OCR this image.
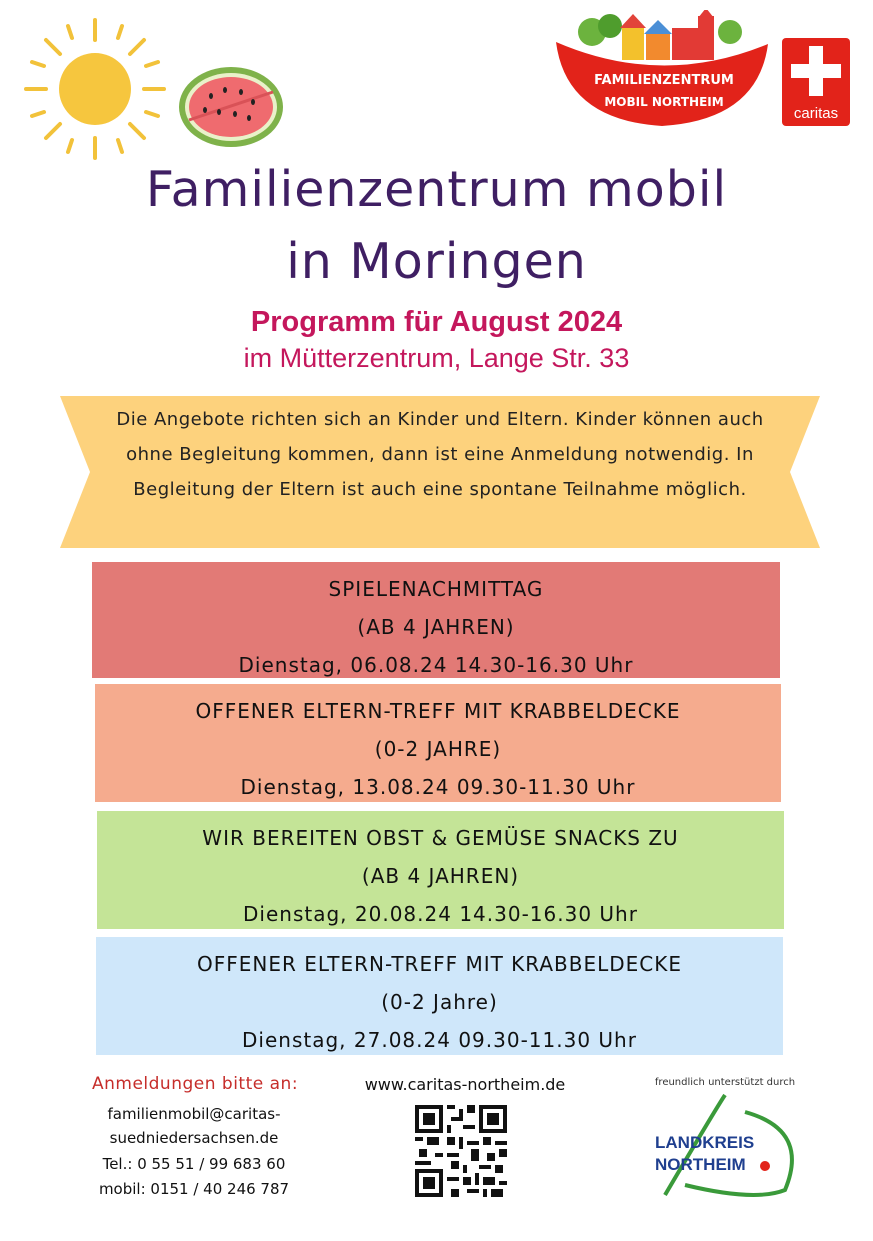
FAMILIENZENTRUM
MOBIL NORTHEIM
caritas
Familienzentrum mobil
in Moringen
Programm für August 2024
im Mütterzentrum, Lange Str. 33
Die Angebote richten sich an Kinder und Eltern. Kinder können auch ohne Begleitung kommen, dann ist eine Anmeldung notwendig. In Begleitung der Eltern ist auch eine spontane Teilnahme möglich.
SPIELENACHMITTAG
(AB 4 JAHREN)
Dienstag, 06.08.24 14.30-16.30 Uhr
OFFENER ELTERN-TREFF MIT KRABBELDECKE
(0-2 JAHRE)
Dienstag, 13.08.24 09.30-11.30 Uhr
WIR BEREITEN OBST & GEMÜSE SNACKS ZU
(AB 4 JAHREN)
Dienstag, 20.08.24 14.30-16.30 Uhr
OFFENER ELTERN-TREFF MIT KRABBELDECKE
(0-2 Jahre)
Dienstag, 27.08.24 09.30-11.30 Uhr
Anmeldungen bitte an:
familienmobil@caritas-
suedniedersachsen.de
Tel.: 0 55 51 / 99 683 60
mobil: 0151 / 40 246 787
www.caritas-northeim.de	freundlich unterstützt durch
LANDKREIS
NORTHEIM
